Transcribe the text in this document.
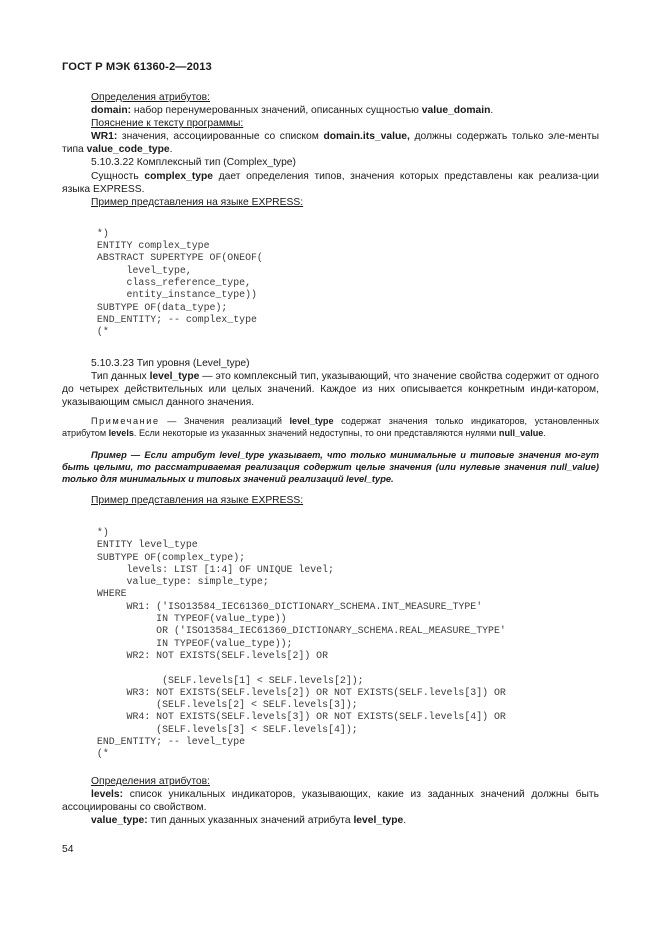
ГОСТ Р МЭК 61360-2—2013

Определения атрибутов:

domain: набор перенумерованных значений, описанных сущностью value_domain.

Пояснение к тексту программы:

WR1: значения, ассоциированные со списком domain.its_value, должны содержать только эле-менты типа value_code_type.

5.10.3.22 Комплексный тип (Complex_type)

Сущность complex_type дает определения типов, значения которых представлены как реализа-ции языка EXPRESS.

Пример представления на языке EXPRESS:

*)
ENTITY complex_type
ABSTRACT SUPERTYPE OF(ONEOF(
level_type,
class_reference_type,
entity_instance_type))
SUBTYPE OF(data_type);
END_ENTITY; -- complex_type
(*

5.10.3.23 Тип уровня (Level_type)

Тип данных level_type — это комплексный тип, указывающий, что значение свойства содержит от одного до четырех действительных или целых значений. Каждое из них описывается конкретным инди-катором, указывающим смысл данного значения.

Примечание — Значения реализаций level_type содержат значения только индикаторов, установленных атрибутом levels. Если некоторые из указанных значений недоступны, то они представляются нулями null_value.

Пример — Если атрибут level_type указывает, что только минимальные и типовые значения мо-гут быть целыми, то рассматриваемая реализация содержит целые значения (или нулевые значения null_value) только для минимальных и типовых значений реализаций level_type.

Пример представления на языке EXPRESS:

*)
ENTITY level_type
SUBTYPE OF(complex_type);
levels: LIST [1:4] OF UNIQUE level;
value_type: simple_type;
WHERE
WR1: ('ISO13584_IEC61360_DICTIONARY_SCHEMA.INT_MEASURE_TYPE'
IN TYPEOF(value_type))
OR ('ISO13584_IEC61360_DICTIONARY_SCHEMA.REAL_MEASURE_TYPE'
IN TYPEOF(value_type));
WR2: NOT EXISTS(SELF.levels[2]) OR

(SELF.levels[1] < SELF.levels[2]);
WR3: NOT EXISTS(SELF.levels[2]) OR NOT EXISTS(SELF.levels[3]) OR
(SELF.levels[2] < SELF.levels[3]);
WR4: NOT EXISTS(SELF.levels[3]) OR NOT EXISTS(SELF.levels[4]) OR
(SELF.levels[3] < SELF.levels[4]);
END_ENTITY; -- level_type
(*

Определения атрибутов:

levels: список уникальных индикаторов, указывающих, какие из заданных значений должны быть ассоциированы со свойством.

value_type: тип данных указанных значений атрибута level_type.

54
